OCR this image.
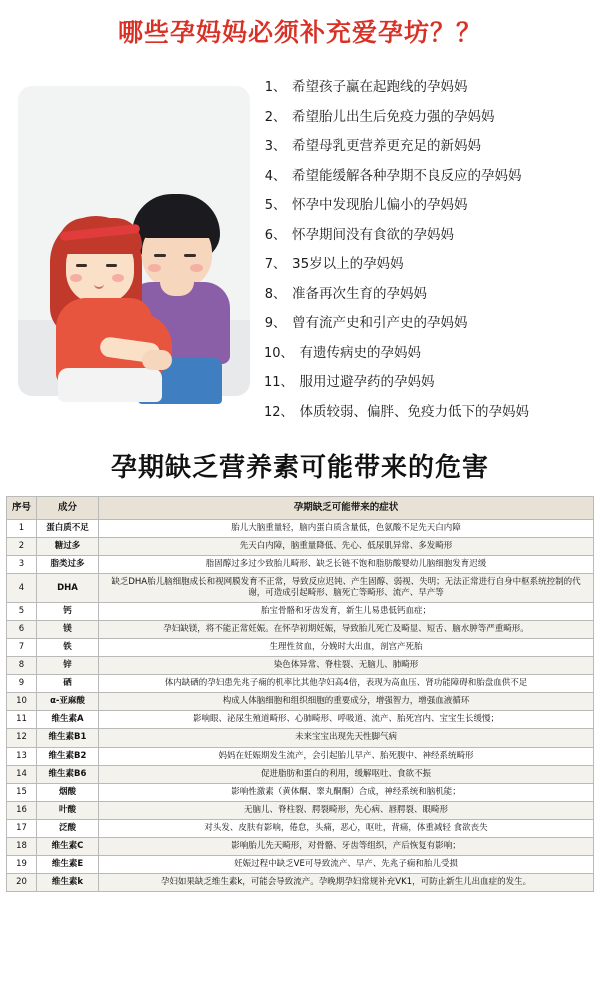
哪些孕妈妈必须补充爱孕坊？？
1、 希望孩子赢在起跑线的孕妈妈
2、 希望胎儿出生后免疫力强的孕妈妈
3、 希望母乳更营养更充足的新妈妈
4、 希望能缓解各种孕期不良反应的孕妈妈
5、 怀孕中发现胎儿偏小的孕妈妈
6、 怀孕期间没有食欲的孕妈妈
7、 35岁以上的孕妈妈
8、 准备再次生育的孕妈妈
9、 曾有流产史和引产史的孕妈妈
10、 有遗传病史的孕妈妈
11、 服用过避孕药的孕妈妈
12、 体质较弱、偏胖、免疫力低下的孕妈妈
孕期缺乏营养素可能带来的危害
序号	成分	孕期缺乏可能带来的症状
1	蛋白质不足	胎儿大脑重量轻，脑内蛋白质含量低，色氨酸不足先天白内障
2	糖过多	先天白内障，脑重量降低、先心、低尿肌异常、多发畸形
3	脂类过多	脂固醇过多过少致胎儿畸形、缺乏长链不饱和脂肪酸婴幼儿脑细胞发育迟缓
4	DHA	缺乏DHA胎儿脑细胞成长和视网膜发育不正常，导致反应迟钝、产生固醇、弱视、失明；无法正常进行自身中枢系统控制的代谢，可造成引起畸形、脑死亡等畸形、流产、早产等
5	钙	胎宝骨骼和牙齿发育，新生儿易患低钙血症；
6	镁	孕妇缺镁，将不能正常妊娠。在怀孕初期妊娠，导致胎儿死亡及畸显、短舌、脑水肿等严重畸形。
7	铁	生理性贫血，分娩时大出血，剖宫产死胎
8	锌	染色体异常、脊柱裂、无脑儿、肺畸形
9	硒	体内缺硒的孕妇患先兆子痫的机率比其他孕妇高4倍，表现为高血压、肾功能障碍和胎盘血供不足
10	α-亚麻酸	构成人体脑细胞和组织细胞的重要成分，增强智力，增强血液循环
11	维生素A	影响眼、泌尿生殖道畸形、心肺畸形、呼吸道、流产、胎死宫内、宝宝生长缓慢；
12	维生素B1	未来宝宝出现先天性脚气病
13	维生素B2	妈妈在妊娠期发生流产，会引起胎儿早产、胎死腹中、神经系统畸形
14	维生素B6	促进脂肪和蛋白的利用，缓解呕吐、食欲不振
15	烟酸	影响性激素（黄体酮、睾丸酮酮）合成，神经系统和脑机能；
16	叶酸	无脑儿、脊柱裂、腭裂畸形，先心病、唇腭裂、眼畸形
17	泛酸	对头发、皮肤有影响，倦怠，头痛，恶心，呕吐，背痛，体重减轻 食欲丧失
18	维生素C	影响胎儿先天畸形，对骨骼、牙齿等组织，产后恢复有影响；
19	维生素E	妊娠过程中缺乏VE可导致流产、早产、先兆子痫和胎儿受损
20	维生素k	孕妇如果缺乏维生素k，可能会导致流产。孕晚期孕妇常规补充VK1，可防止新生儿出血症的发生。
